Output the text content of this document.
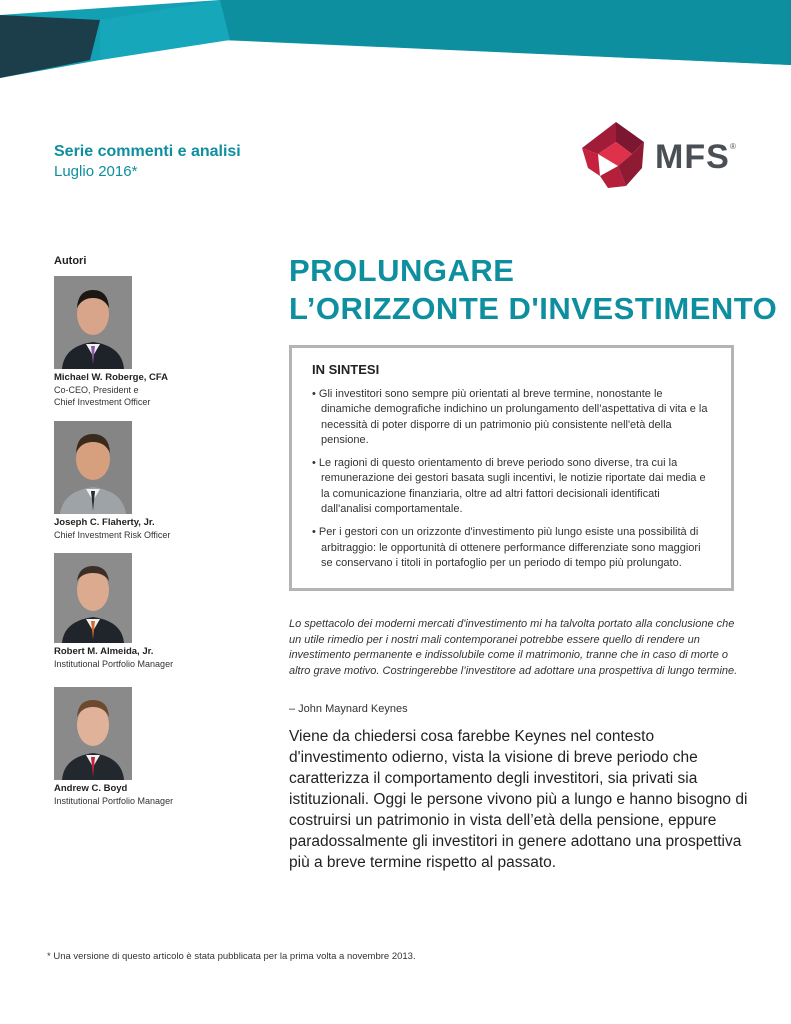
Serie commenti e analisi
Luglio 2016*	MFS ®
Autori
Michael W. Roberge, CFA
Co-CEO, President e
Chief Investment Officer
Joseph C. Flaherty, Jr.
Chief Investment Risk Officer
Robert M. Almeida, Jr.
Institutional Portfolio Manager
Andrew C. Boyd
Institutional Portfolio Manager
PROLUNGARE
L’ORIZZONTE D'INVESTIMENTO
IN SINTESI
• Gli investitori sono sempre più orientati al breve termine, nonostante le dinamiche demografiche indichino un prolungamento dell’aspettativa di vita e la necessità di poter disporre di un patrimonio più consistente nell'età della pensione.
• Le ragioni di questo orientamento di breve periodo sono diverse, tra cui la remunerazione dei gestori basata sugli incentivi, le notizie riportate dai media e la comunicazione finanziaria, oltre ad altri fattori decisionali identificati dall'analisi comportamentale.
• Per i gestori con un orizzonte d'investimento più lungo esiste una possibilità di arbitraggio: le opportunità di ottenere performance differenziate sono maggiori se conservano i titoli in portafoglio per un periodo di tempo più prolungato.
Lo spettacolo dei moderni mercati d'investimento mi ha talvolta portato alla conclusione che un utile rimedio per i nostri mali contemporanei potrebbe essere quello di rendere un investimento permanente e indissolubile come il matrimonio, tranne che in caso di morte o altro grave motivo. Costringerebbe l’investitore ad adottare una prospettiva di lungo termine.
– John Maynard Keynes
Viene da chiedersi cosa farebbe Keynes nel contesto d'investimento odierno, vista la visione di breve periodo che caratterizza il comportamento degli investitori, sia privati sia istituzionali. Oggi le persone vivono più a lungo e hanno bisogno di costruirsi un patrimonio in vista dell’età della pensione, eppure paradossalmente gli investitori in genere adottano una prospettiva più a breve termine rispetto al passato.
* Una versione di questo articolo è stata pubblicata per la prima volta a novembre 2013.
